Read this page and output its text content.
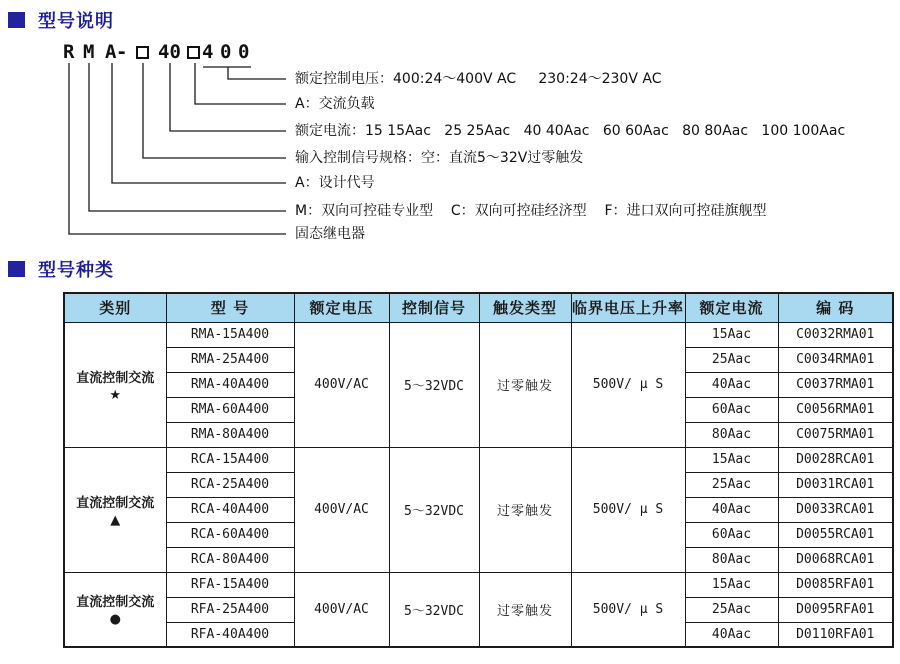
型号说明
R M A - 40 4 0 0
额定控制电压：400:24～400V AC     230:24～230V AC
A：交流负载
额定电流：15 15Aac   25 25Aac   40 40Aac   60 60Aac   80 80Aac   100 100Aac
输入控制信号规格：空：直流5～32V过零触发
A：设计代号
M：双向可控硅专业型    C：双向可控硅经济型    F：进口双向可控硅旗舰型
固态继电器
型号种类
类别	型 号	额定电压	控制信号	触发类型	临界电压上升率	额定电流	编 码

直流控制交流
★	RMA-15A400	400V/AC	5～32VDC	过零触发	500V/ μ S	15Aac	C0032RMA01
	RMA-25A400					25Aac	C0034RMA01
	RMA-40A400					40Aac	C0037RMA01
	RMA-60A400					60Aac	C0056RMA01
	RMA-80A400					80Aac	C0075RMA01

直流控制交流
▲	RCA-15A400	400V/AC	5～32VDC	过零触发	500V/ μ S	15Aac	D0028RCA01
	RCA-25A400					25Aac	D0031RCA01
	RCA-40A400					40Aac	D0033RCA01
	RCA-60A400					60Aac	D0055RCA01
	RCA-80A400					80Aac	D0068RCA01

直流控制交流
●	RFA-15A400	400V/AC	5～32VDC	过零触发	500V/ μ S	15Aac	D0085RFA01
	RFA-25A400					25Aac	D0095RFA01
	RFA-40A400					40Aac	D0110RFA01
